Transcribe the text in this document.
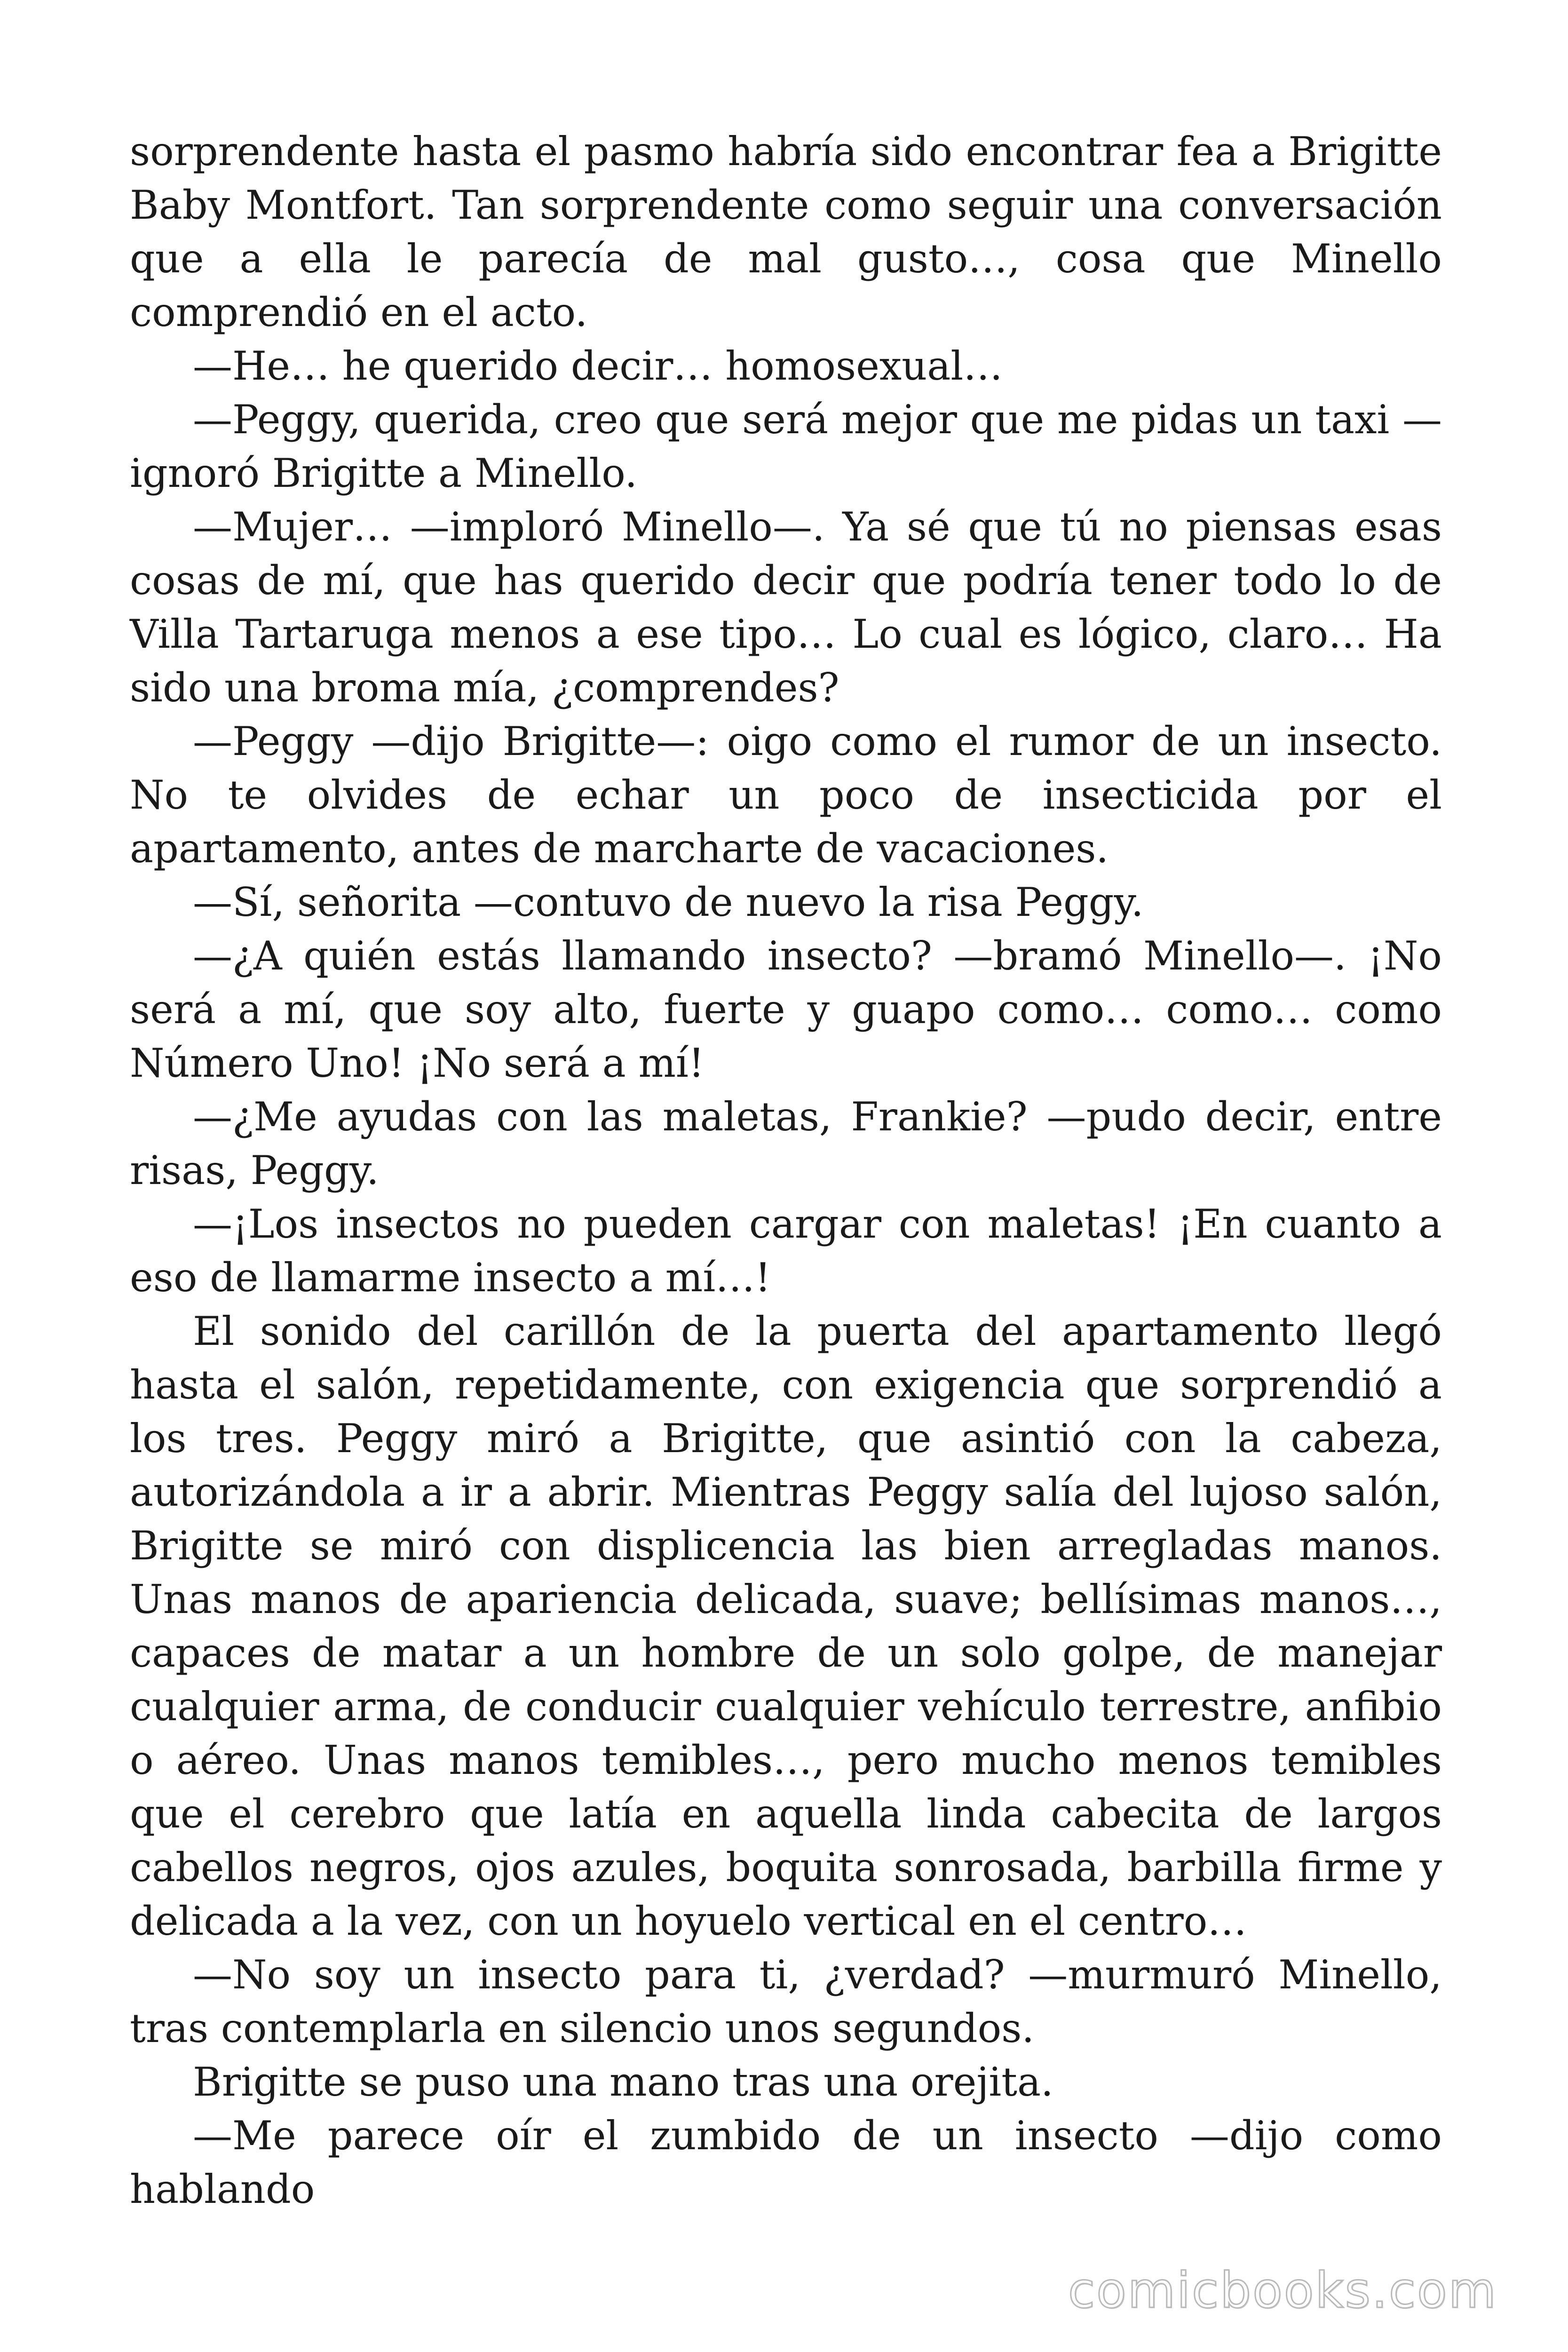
sorprendente hasta el pasmo habría sido encontrar fea a Brigitte Baby Montfort. Tan sorprendente como seguir una conversación que a ella le parecía de mal gusto…, cosa que Minello comprendió en el acto.

—He… he querido decir… homosexual…

—Peggy, querida, creo que será mejor que me pidas un taxi — ignoró Brigitte a Minello.

—Mujer… —imploró Minello—. Ya sé que tú no piensas esas cosas de mí, que has querido decir que podría tener todo lo de Villa Tartaruga menos a ese tipo… Lo cual es lógico, claro… Ha sido una broma mía, ¿comprendes?

—Peggy —dijo Brigitte—: oigo como el rumor de un insecto. No te olvides de echar un poco de insecticida por el apartamento, antes de marcharte de vacaciones.

—Sí, señorita —contuvo de nuevo la risa Peggy.

—¿A quién estás llamando insecto? —bramó Minello—. ¡No será a mí, que soy alto, fuerte y guapo como… como… como Número Uno! ¡No será a mí!

—¿Me ayudas con las maletas, Frankie? —pudo decir, entre risas, Peggy.

—¡Los insectos no pueden cargar con maletas! ¡En cuanto a eso de llamarme insecto a mí…!

El sonido del carillón de la puerta del apartamento llegó hasta el salón, repetidamente, con exigencia que sorprendió a los tres. Peggy miró a Brigitte, que asintió con la cabeza, autorizándola a ir a abrir. Mientras Peggy salía del lujoso salón, Brigitte se miró con displicencia las bien arregladas manos. Unas manos de apariencia delicada, suave; bellísimas manos…, capaces de matar a un hombre de un solo golpe, de manejar cualquier arma, de conducir cualquier vehículo terrestre, anfibio o aéreo. Unas manos temibles…, pero mucho menos temibles que el cerebro que latía en aquella linda cabecita de largos cabellos negros, ojos azules, boquita sonrosada, barbilla firme y delicada a la vez, con un hoyuelo vertical en el centro…

—No soy un insecto para ti, ¿verdad? —murmuró Minello, tras contemplarla en silencio unos segundos.

Brigitte se puso una mano tras una orejita.

—Me parece oír el zumbido de un insecto —dijo como hablando

comicbooks.com
